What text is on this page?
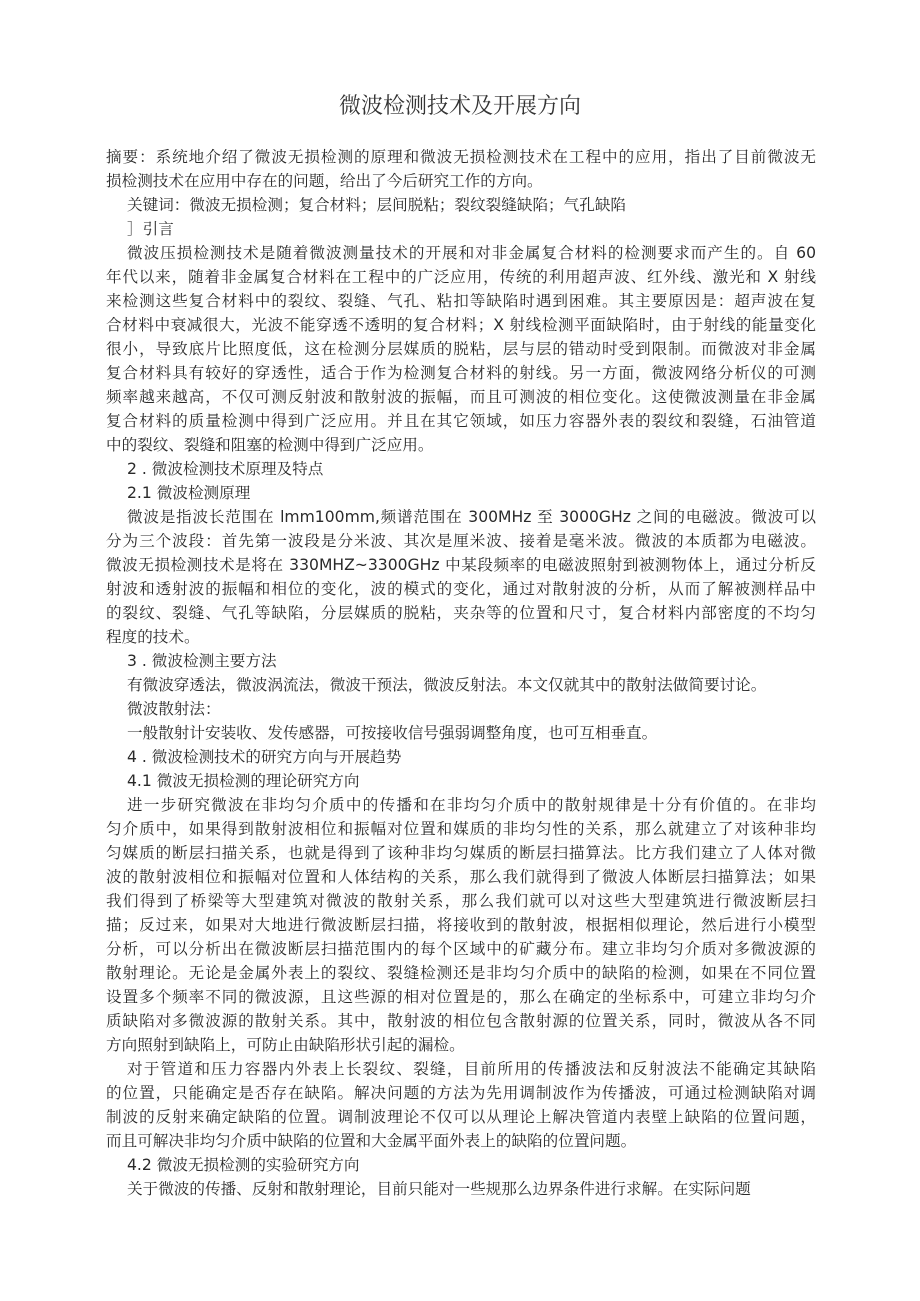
微波检测技术及开展方向
摘要：系统地介绍了微波无损检测的原理和微波无损检测技术在工程中的应用，指出了目前微波无
损检测技术在应用中存在的问题，给出了今后研究工作的方向。
关键词：微波无损检测；复合材料；层间脱粘；裂纹裂缝缺陷；气孔缺陷
］引言
微波压损检测技术是随着微波测量技术的开展和对非金属复合材料的检测要求而产生的。自 60
年代以来，随着非金属复合材料在工程中的广泛应用，传统的利用超声波、红外线、激光和 X 射线
来检测这些复合材料中的裂纹、裂缝、气孔、粘扣等缺陷时遇到困难。其主要原因是：超声波在复
合材料中衰减很大，光波不能穿透不透明的复合材料；X 射线检测平面缺陷时，由于射线的能量变化
很小，导致底片比照度低，这在检测分层媒质的脱粘，层与层的错动时受到限制。而微波对非金属
复合材料具有较好的穿透性，适合于作为检测复合材料的射线。另一方面，微波网络分析仪的可测
频率越来越高，不仅可测反射波和散射波的振幅，而且可测波的相位变化。这使微波测量在非金属
复合材料的质量检测中得到广泛应用。并且在其它领域，如压力容器外表的裂纹和裂缝，石油管道
中的裂纹、裂缝和阻塞的检测中得到广泛应用。
2 . 微波检测技术原理及特点
2.1 微波检测原理
微波是指波长范围在 lmm100mm,频谱范围在 300MHz 至 3000GHz 之间的电磁波。微波可以
分为三个波段：首先第一波段是分米波、其次是厘米波、接着是毫米波。微波的本质都为电磁波。
微波无损检测技术是将在 330MHZ~3300GHz 中某段频率的电磁波照射到被测物体上，通过分析反
射波和透射波的振幅和相位的变化，波的模式的变化，通过对散射波的分析，从而了解被测样品中
的裂纹、裂缝、气孔等缺陷，分层媒质的脱粘，夹杂等的位置和尺寸，复合材料内部密度的不均匀
程度的技术。
3 . 微波检测主要方法
有微波穿透法，微波涡流法，微波干预法，微波反射法。本文仅就其中的散射法做简要讨论。
微波散射法：
一般散射计安装收、发传感器，可按接收信号强弱调整角度，也可互相垂直。
4 . 微波检测技术的研究方向与开展趋势
4.1 微波无损检测的理论研究方向
进一步研究微波在非均匀介质中的传播和在非均匀介质中的散射规律是十分有价值的。在非均
匀介质中，如果得到散射波相位和振幅对位置和媒质的非均匀性的关系，那么就建立了对该种非均
匀媒质的断层扫描关系，也就是得到了该种非均匀媒质的断层扫描算法。比方我们建立了人体对微
波的散射波相位和振幅对位置和人体结构的关系，那么我们就得到了微波人体断层扫描算法；如果
我们得到了桥梁等大型建筑对微波的散射关系，那么我们就可以对这些大型建筑进行微波断层扫
描；反过来，如果对大地进行微波断层扫描，将接收到的散射波，根据相似理论，然后进行小模型
分析，可以分析出在微波断层扫描范围内的每个区域中的矿藏分布。建立非均匀介质对多微波源的
散射理论。无论是金属外表上的裂纹、裂缝检测还是非均匀介质中的缺陷的检测，如果在不同位置
设置多个频率不同的微波源，且这些源的相对位置是的，那么在确定的坐标系中，可建立非均匀介
质缺陷对多微波源的散射关系。其中，散射波的相位包含散射源的位置关系，同时，微波从各不同
方向照射到缺陷上，可防止由缺陷形状引起的漏检。
对于管道和压力容器内外表上长裂纹、裂缝，目前所用的传播波法和反射波法不能确定其缺陷
的位置，只能确定是否存在缺陷。解决问题的方法为先用调制波作为传播波，可通过检测缺陷对调
制波的反射来确定缺陷的位置。调制波理论不仅可以从理论上解决管道内表壁上缺陷的位置问题，
而且可解决非均匀介质中缺陷的位置和大金属平面外表上的缺陷的位置问题。
4.2 微波无损检测的实验研究方向
关于微波的传播、反射和散射理论，目前只能对一些规那么边界条件进行求解。在实际问题
